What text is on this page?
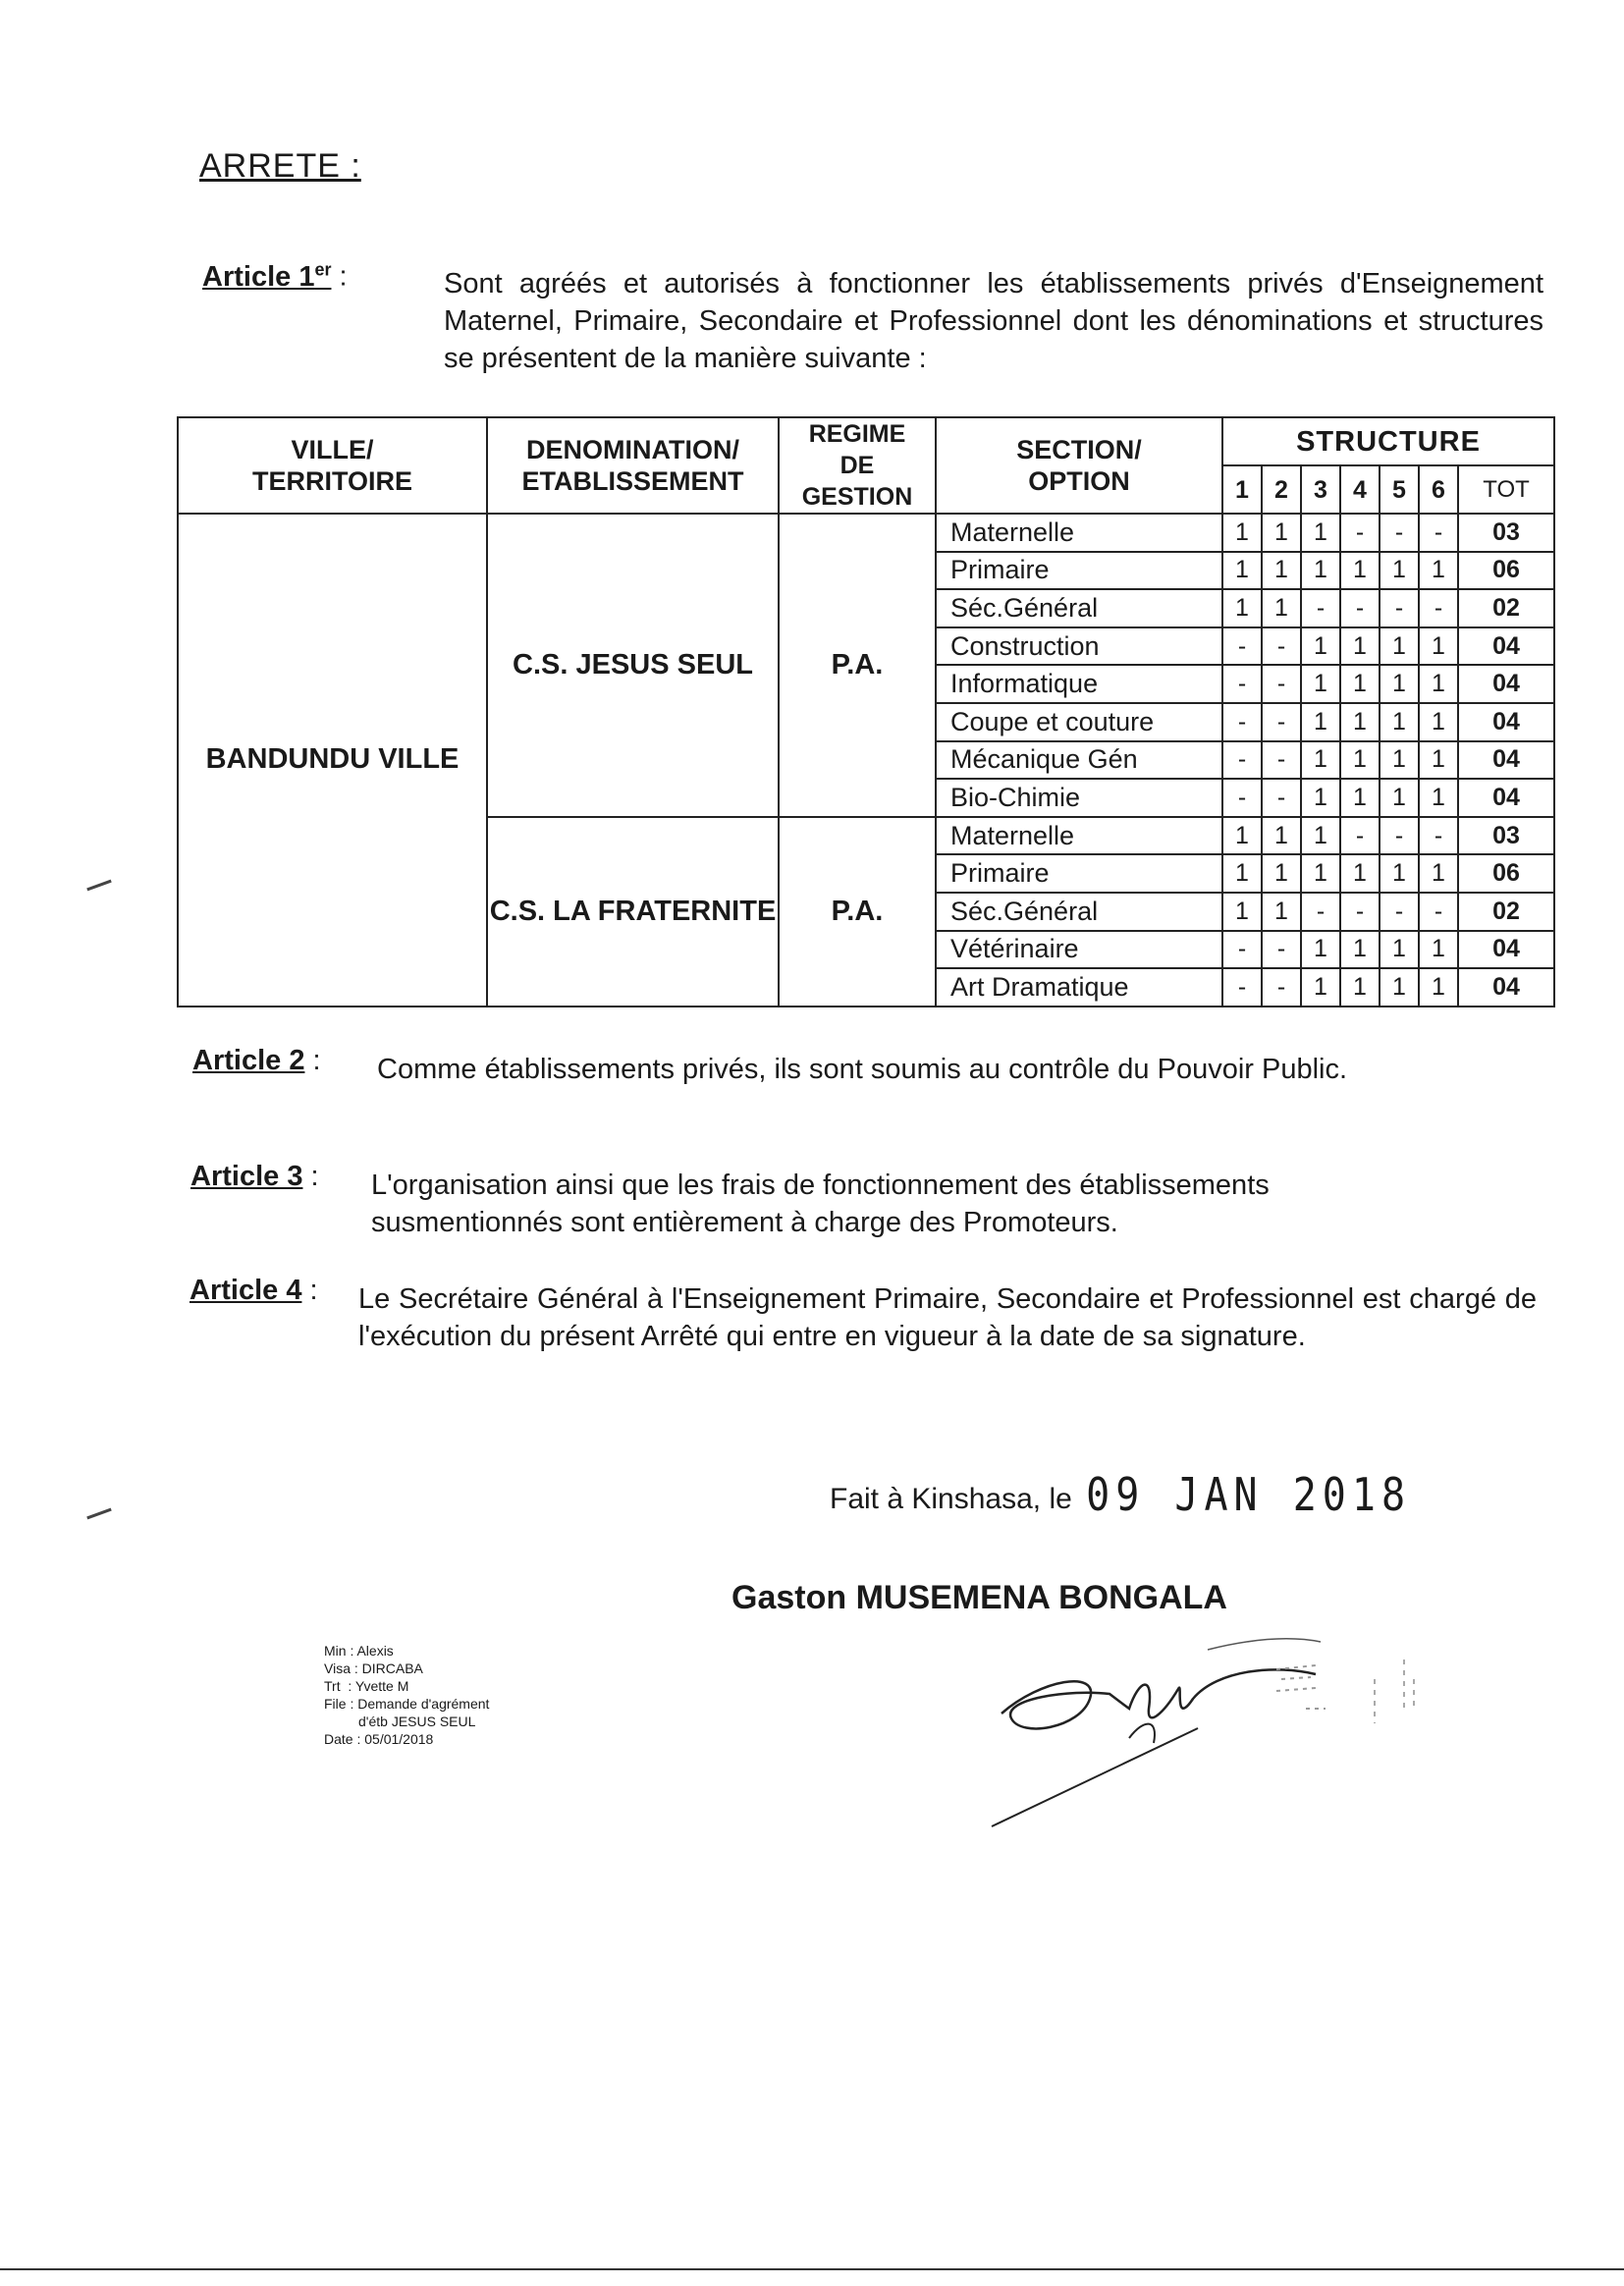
ARRETE :
Article 1er :	Sont agréés et autorisés à fonctionner les établissements privés d'Enseignement Maternel, Primaire, Secondaire et Professionnel dont les dénominations et structures se présentent de la manière suivante :
VILLE/ TERRITOIRE	DENOMINATION/ ETABLISSEMENT	REGIME DE GESTION	SECTION/ OPTION	STRUCTURE						
				1	2	3	4	5	6	TOT
BANDUNDU VILLE	C.S. JESUS SEUL	P.A.	Maternelle	1	1	1	-	-	-	03
			Primaire	1	1	1	1	1	1	06
			Séc.Général	1	1	-	-	-	-	02
			Construction	-	-	1	1	1	1	04
			Informatique	-	-	1	1	1	1	04
			Coupe et couture	-	-	1	1	1	1	04
			Mécanique Gén	-	-	1	1	1	1	04
			Bio-Chimie	-	-	1	1	1	1	04
	C.S. LA FRATERNITE	P.A.	Maternelle	1	1	1	-	-	-	03
			Primaire	1	1	1	1	1	1	06
			Séc.Général	1	1	-	-	-	-	02
			Vétérinaire	-	-	1	1	1	1	04
			Art Dramatique	-	-	1	1	1	1	04
Article 2 : Comme établissements privés, ils sont soumis au contrôle du Pouvoir Public.
Article 3 : L'organisation ainsi que les frais de fonctionnement des établissements susmentionnés sont entièrement à charge des Promoteurs.
Article 4 : Le Secrétaire Général à l'Enseignement Primaire, Secondaire et Professionnel est chargé de l'exécution du présent Arrêté qui entre en vigueur à la date de sa signature.
Fait à Kinshasa, le 09 JAN 2018
Gaston MUSEMENA BONGALA
Min : Alexis
Visa : DIRCABA
Trt  : Yvette M
File : Demande d'agrément
d'étb JESUS SEUL
Date : 05/01/2018
